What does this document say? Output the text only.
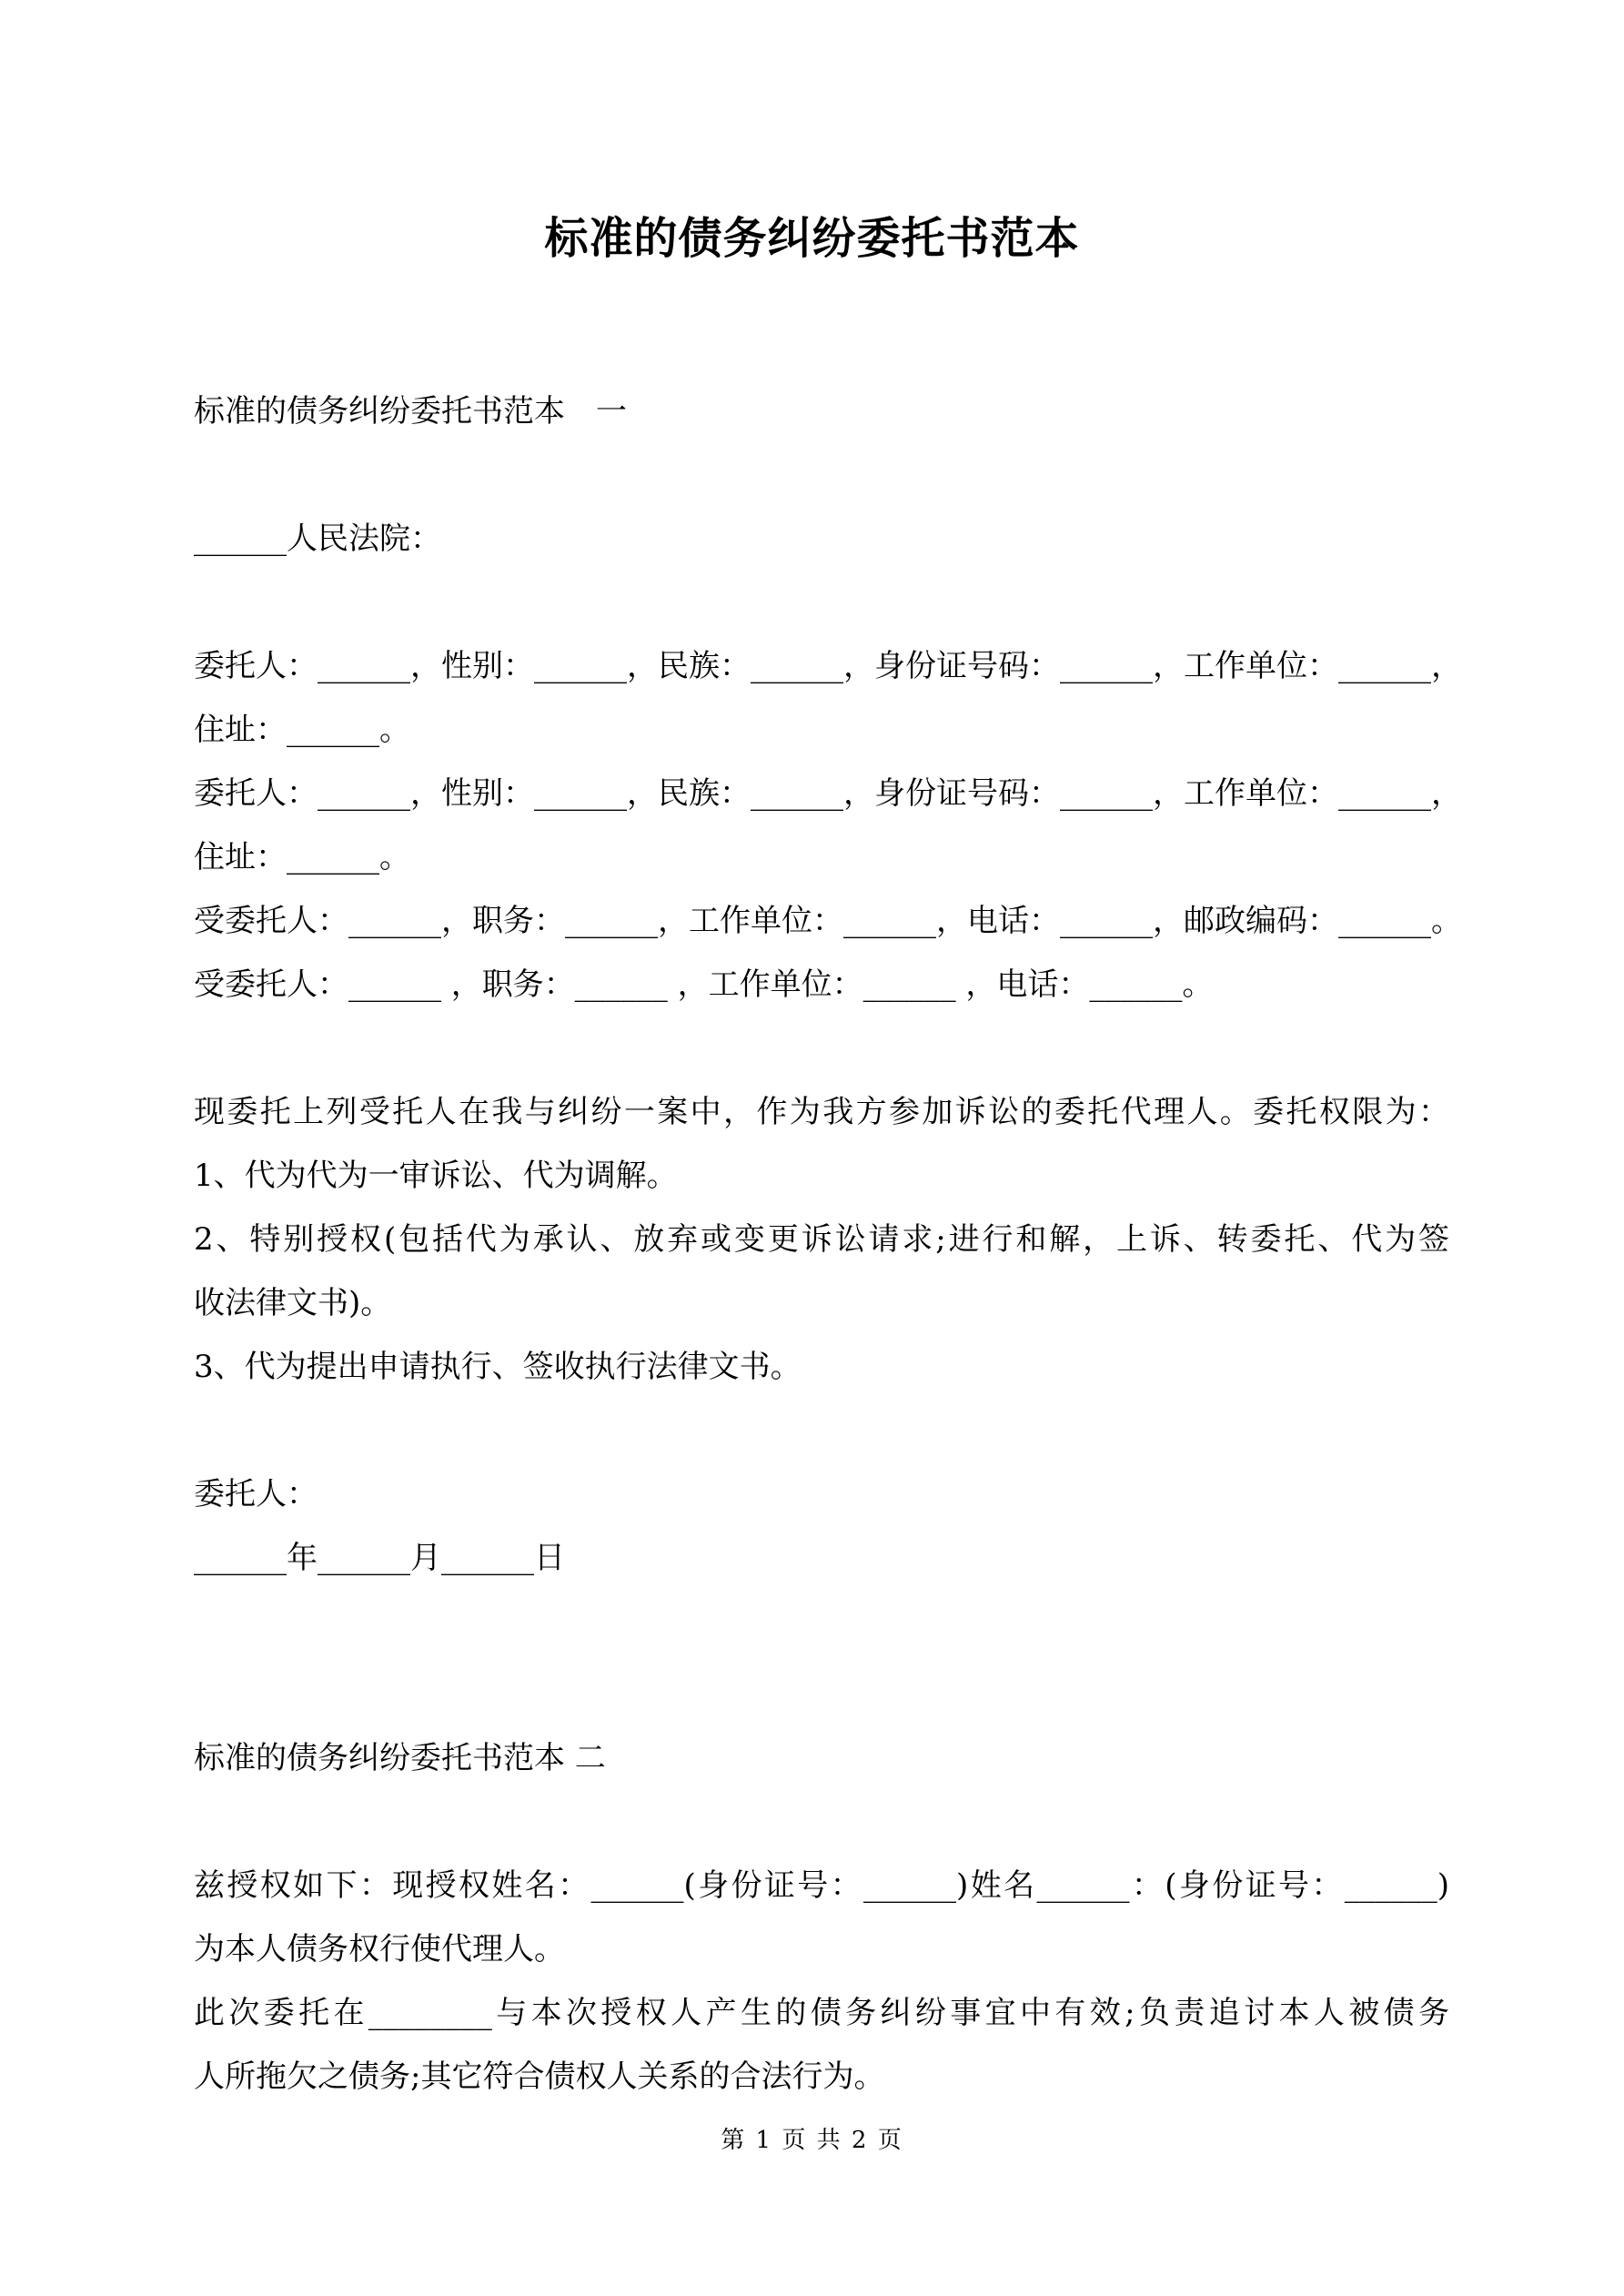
标准的债务纠纷委托书范本
标准的债务纠纷委托书范本　一
______人民法院：
委托人：______，性别：______，民族：______，身份证号码：______，工作单位：______，
住址：______。
委托人：______，性别：______，民族：______，身份证号码：______，工作单位：______，
住址：______。
受委托人：______，职务：______，工作单位：______，电话：______，邮政编码：______。
受委托人：______ ，职务：______ ，工作单位：______ ，电话：______。
现委托上列受托人在我与纠纷一案中，作为我方参加诉讼的委托代理人。委托权限为：
1、代为代为一审诉讼、代为调解。
2、特别授权(包括代为承认、放弃或变更诉讼请求;进行和解，上诉、转委托、代为签
收法律文书)。
3、代为提出申请执行、签收执行法律文书。
委托人：
______年______月______日
标准的债务纠纷委托书范本 二
兹授权如下：现授权姓名：______(身份证号：______)姓名______：(身份证号：______)
为本人债务权行使代理人。
此次委托在________与本次授权人产生的债务纠纷事宜中有效;负责追讨本人被债务
人所拖欠之债务;其它符合债权人关系的合法行为。
第 1 页 共 2 页
